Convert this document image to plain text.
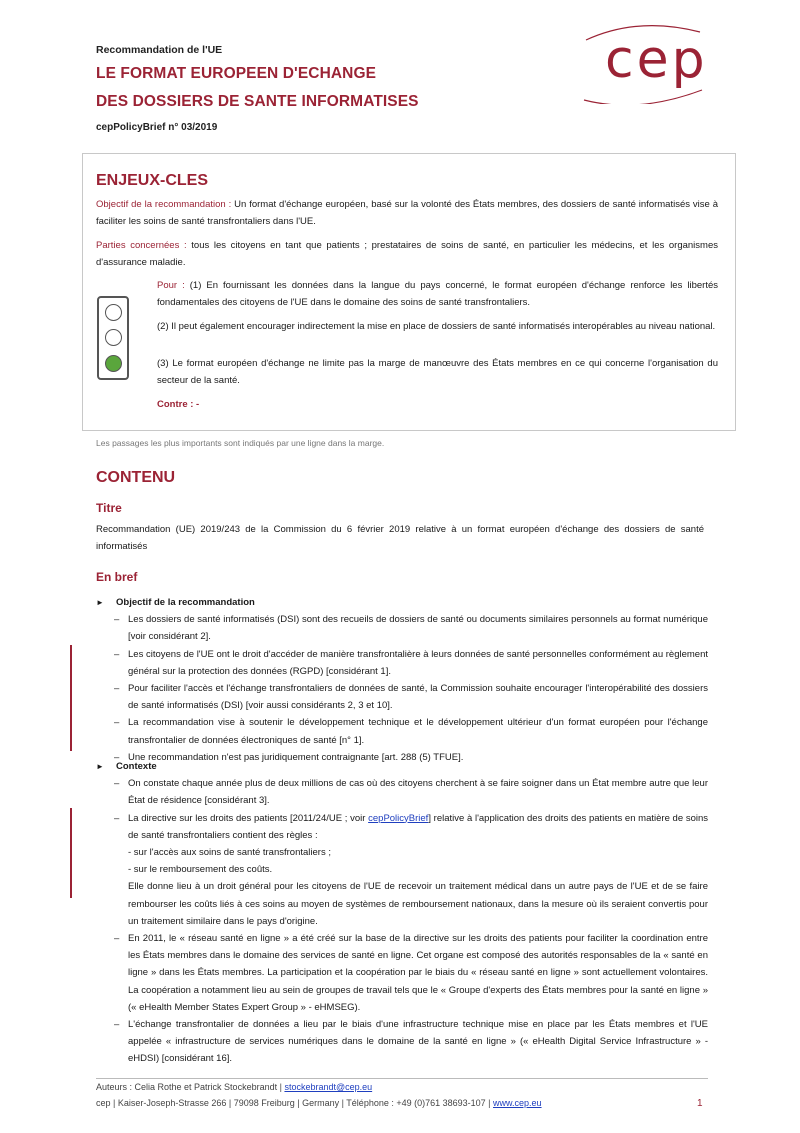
Recommandation de l'UE
LE FORMAT EUROPEEN D'ECHANGE
DES DOSSIERS DE SANTE INFORMATISES
cepPolicyBrief n° 03/2019
cep
ENJEUX-CLES
Objectif de la recommandation : Un format d'échange européen, basé sur la volonté des États membres, des dossiers de santé informatisés vise à faciliter les soins de santé transfrontaliers dans l'UE.
Parties concernées : tous les citoyens en tant que patients ; prestataires de soins de santé, en particulier les médecins, et les organismes d'assurance maladie.
Pour : (1) En fournissant les données dans la langue du pays concerné, le format européen d'échange renforce les libertés fondamentales des citoyens de l'UE dans le domaine des soins de santé transfrontaliers.
(2) Il peut également encourager indirectement la mise en place de dossiers de santé informatisés interopérables au niveau national.
(3) Le format européen d'échange ne limite pas la marge de manœuvre des États membres en ce qui concerne l'organisation du secteur de la santé.
Contre : -
Les passages les plus importants sont indiqués par une ligne dans la marge.
CONTENU
Titre
Recommandation (UE) 2019/243 de la Commission du 6 février 2019 relative à un format européen d'échange des dossiers de santé informatisés
En bref
► Objectif de la recommandation
– Les dossiers de santé informatisés (DSI) sont des recueils de dossiers de santé ou documents similaires personnels au format numérique [voir considérant 2].
– Les citoyens de l'UE ont le droit d'accéder de manière transfrontalière à leurs données de santé personnelles conformément au règlement général sur la protection des données (RGPD) [considérant 1].
– Pour faciliter l'accès et l'échange transfrontaliers de données de santé, la Commission souhaite encourager l'interopérabilité des dossiers de santé informatisés (DSI) [voir aussi considérants 2, 3 et 10].
– La recommandation vise à soutenir le développement technique et le développement ultérieur d'un format européen pour l'échange transfrontalier de données électroniques de santé [n° 1].
– Une recommandation n'est pas juridiquement contraignante [art. 288 (5) TFUE].
► Contexte
– On constate chaque année plus de deux millions de cas où des citoyens cherchent à se faire soigner dans un État membre autre que leur État de résidence [considérant 3].
– La directive sur les droits des patients [2011/24/UE ; voir cepPolicyBrief] relative à l'application des droits des patients en matière de soins de santé transfrontaliers contient des règles :
- sur l'accès aux soins de santé transfrontaliers ;
- sur le remboursement des coûts.
Elle donne lieu à un droit général pour les citoyens de l'UE de recevoir un traitement médical dans un autre pays de l'UE et de se faire rembourser les coûts liés à ces soins au moyen de systèmes de remboursement nationaux, dans la mesure où ils seraient convertis pour un traitement similaire dans le pays d'origine.
– En 2011, le « réseau santé en ligne » a été créé sur la base de la directive sur les droits des patients pour faciliter la coordination entre les États membres dans le domaine des services de santé en ligne. Cet organe est composé des autorités responsables de la « santé en ligne » dans les États membres. La participation et la coopération par le biais du « réseau santé en ligne » sont actuellement volontaires. La coopération a notamment lieu au sein de groupes de travail tels que le « Groupe d'experts des États membres pour la santé en ligne » (« eHealth Member States Expert Group » - eHMSEG).
– L'échange transfrontalier de données a lieu par le biais d'une infrastructure technique mise en place par les États membres et l'UE appelée « infrastructure de services numériques dans le domaine de la santé en ligne » (« eHealth Digital Service Infrastructure » - eHDSI) [considérant 16].
Auteurs : Celia Rothe et Patrick Stockebrandt | stockebrandt@cep.eu
cep | Kaiser-Joseph-Strasse 266 | 79098 Freiburg | Germany | Téléphone : +49 (0)761 38693-107 | www.cep.eu	1
